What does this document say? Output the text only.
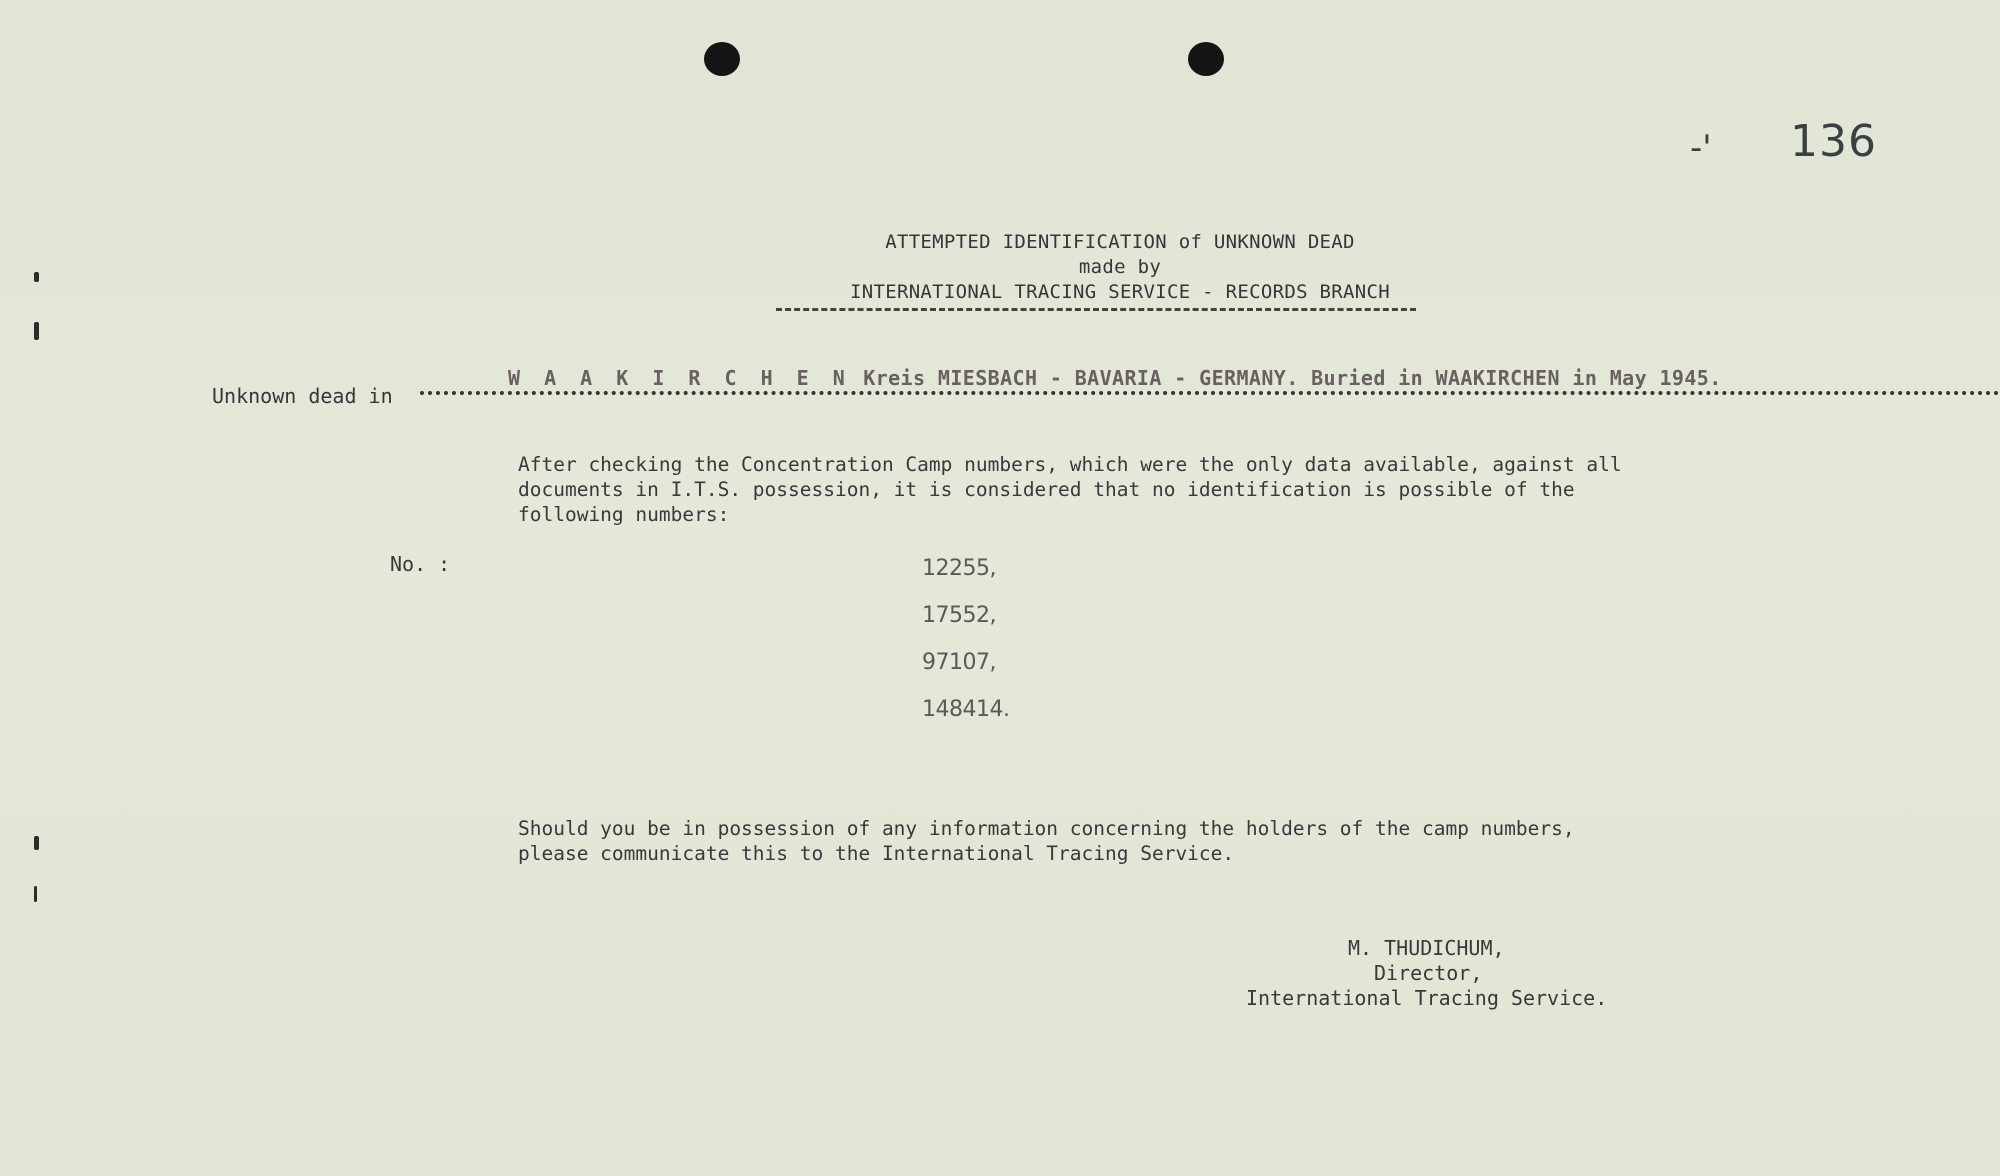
-' 136
ATTEMPTED IDENTIFICATION of UNKNOWN DEAD
made by
INTERNATIONAL TRACING SERVICE - RECORDS BRANCH
Unknown dead in
W A A K I R C H E N Kreis MIESBACH - BAVARIA - GERMANY. Buried in WAAKIRCHEN in May 1945.
After checking the Concentration Camp numbers, which were the only data available, against all
documents in I.T.S. possession, it is considered that no identification is possible of the
following numbers:
No. :	12255,
17552,
97107,
148414.
Should you be in possession of any information concerning the holders of the camp numbers,
please communicate this to the International Tracing Service.
M. THUDICHUM,
Director,
International Tracing Service.
